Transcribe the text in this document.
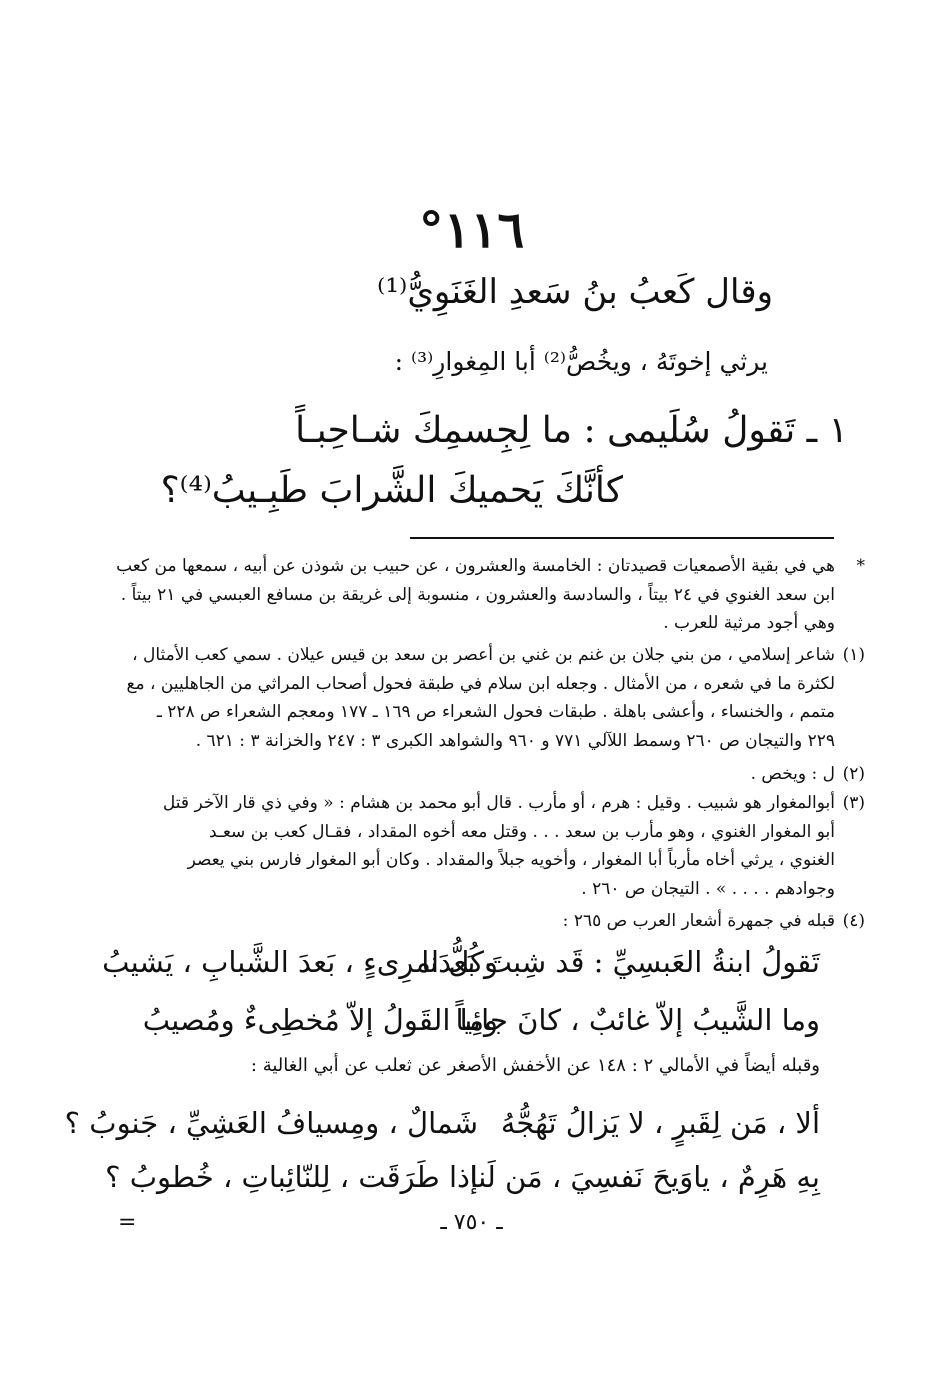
١١٦°
وقال كَعبُ بنُ سَعدِ الغَنَوِيُّ⁽¹⁾
يرثي إخوتَهُ ، ويخُصُّ⁽²⁾ أبا المِغوارِ⁽³⁾ :
١ ـ تَقولُ سُلَيمى : ما لِجِسمِكَ شـاحِبـاً
كأنَّكَ يَحميكَ الشَّرابَ طَبِـيبُ⁽⁴⁾؟
*
هي في بقية الأصمعيات قصيدتان : الخامسة والعشرون ، عن حبيب بن شوذن عن أبيه ، سمعها من كعب
ابن سعد الغنوي في ٢٤ بيتاً ، والسادسة والعشرون ، منسوبة إلى غريقة بن مسافع العبسي في ٢١ بيتاً .
وهي أجود مرثية للعرب .
(١)
شاعر إسلامي ، من بني جلان بن غنم بن غني بن أعصر بن سعد بن قيس عيلان . سمي كعب الأمثال ،
لكثرة ما في شعره ، من الأمثال . وجعله ابن سلام في طبقة فحول أصحاب المراثي من الجاهليين ، مع
متمم ، والخنساء ، وأعشى باهلة . طبقات فحول الشعراء ص ١٦٩ ـ ١٧٧ ومعجم الشعراء ص ٢٢٨ ـ
٢٢٩ والتيجان ص ٢٦٠ وسمط اللآلي ٧٧١ و ٩٦٠ والشواهد الكبرى ٣ : ٢٤٧ والخزانة ٣ : ٦٢١ .
(٢)
ل : ويخص .
(٣)
أبوالمغوار هو شبيب . وقيل : هرم ، أو مأرب . قال أبو محمد بن هشام : « وفي ذي قار الآخر قتل
أبو المغوار الغنوي ، وهو مأرب بن سعد . . . وقتل معه أخوه المقداد ، فقـال كعب بن سعـد
الغنوي ، يرثي أخاه مأرباً أبا المغوار ، وأخويه جبلاً والمقداد . وكان أبو المغوار فارس بني يعصر
وجوادهم . . . . » . التيجان ص ٢٦٠ .
(٤)
قبله في جمهرة أشعار العرب ص ٢٦٥ :
تَقولُ ابنةُ العَبسِيِّ : قَد شِبتَ بَعدَنا
وكُلُّ امرِىءٍ ، بَعدَ الشَّبابِ ، يَشيبُ
وما الشَّيبُ إلاّ غائبٌ ، كانَ جائِياً
وما القَولُ إلاّ مُخطِىءٌ ومُصيبُ
وقبله أيضاً في الأمالي ٢ : ١٤٨ عن الأخفش الأصغر عن ثعلب عن أبي الغالية :
ألا ، مَن لِقَبرٍ ، لا يَزالُ تَهُجُّهُ
شَمالٌ ، ومِسيافُ العَشِيِّ ، جَنوبُ ؟
بِهِ هَرِمٌ ، ياوَيحَ نَفسِيَ ، مَن لَنا
إذا طَرَقَت ، لِلنّائِباتِ ، خُطوبُ ؟
ـ ٧٥٠ ـ
=
